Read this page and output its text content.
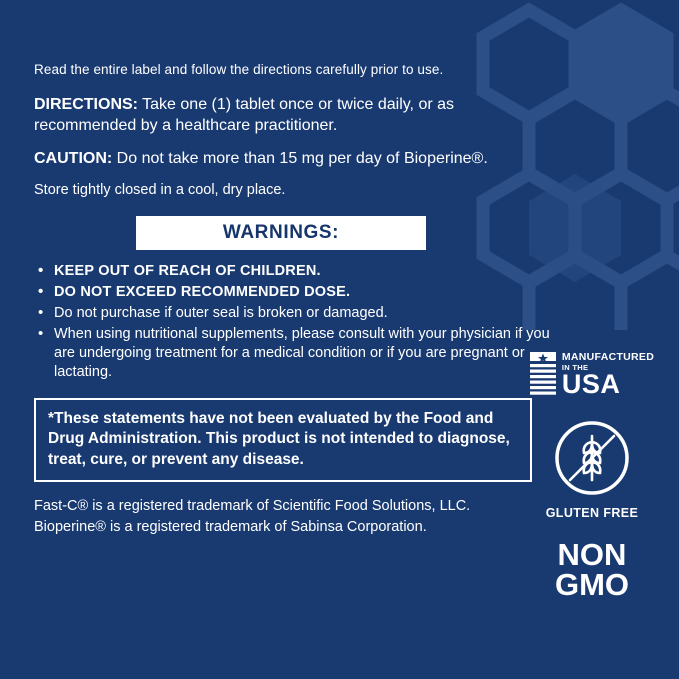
Read the entire label and follow the directions carefully prior to use.

DIRECTIONS: Take one (1) tablet once or twice daily, or as recommended by a healthcare practitioner.

CAUTION: Do not take more than 15 mg per day of Bioperine®.

Store tightly closed in a cool, dry place.

WARNINGS:
• KEEP OUT OF REACH OF CHILDREN.
• DO NOT EXCEED RECOMMENDED DOSE.
• Do not purchase if outer seal is broken or damaged.
• When using nutritional supplements, please consult with your physician if you are undergoing treatment for a medical condition or if you are pregnant or lactating.
*These statements have not been evaluated by the Food and Drug Administration. This product is not intended to diagnose, treat, cure, or prevent any disease.

Fast-C® is a registered trademark of Scientific Food Solutions, LLC. Bioperine® is a registered trademark of Sabinsa Corporation.

MANUFACTURED
IN THE
USA
GLUTEN FREE
NON
GMO
